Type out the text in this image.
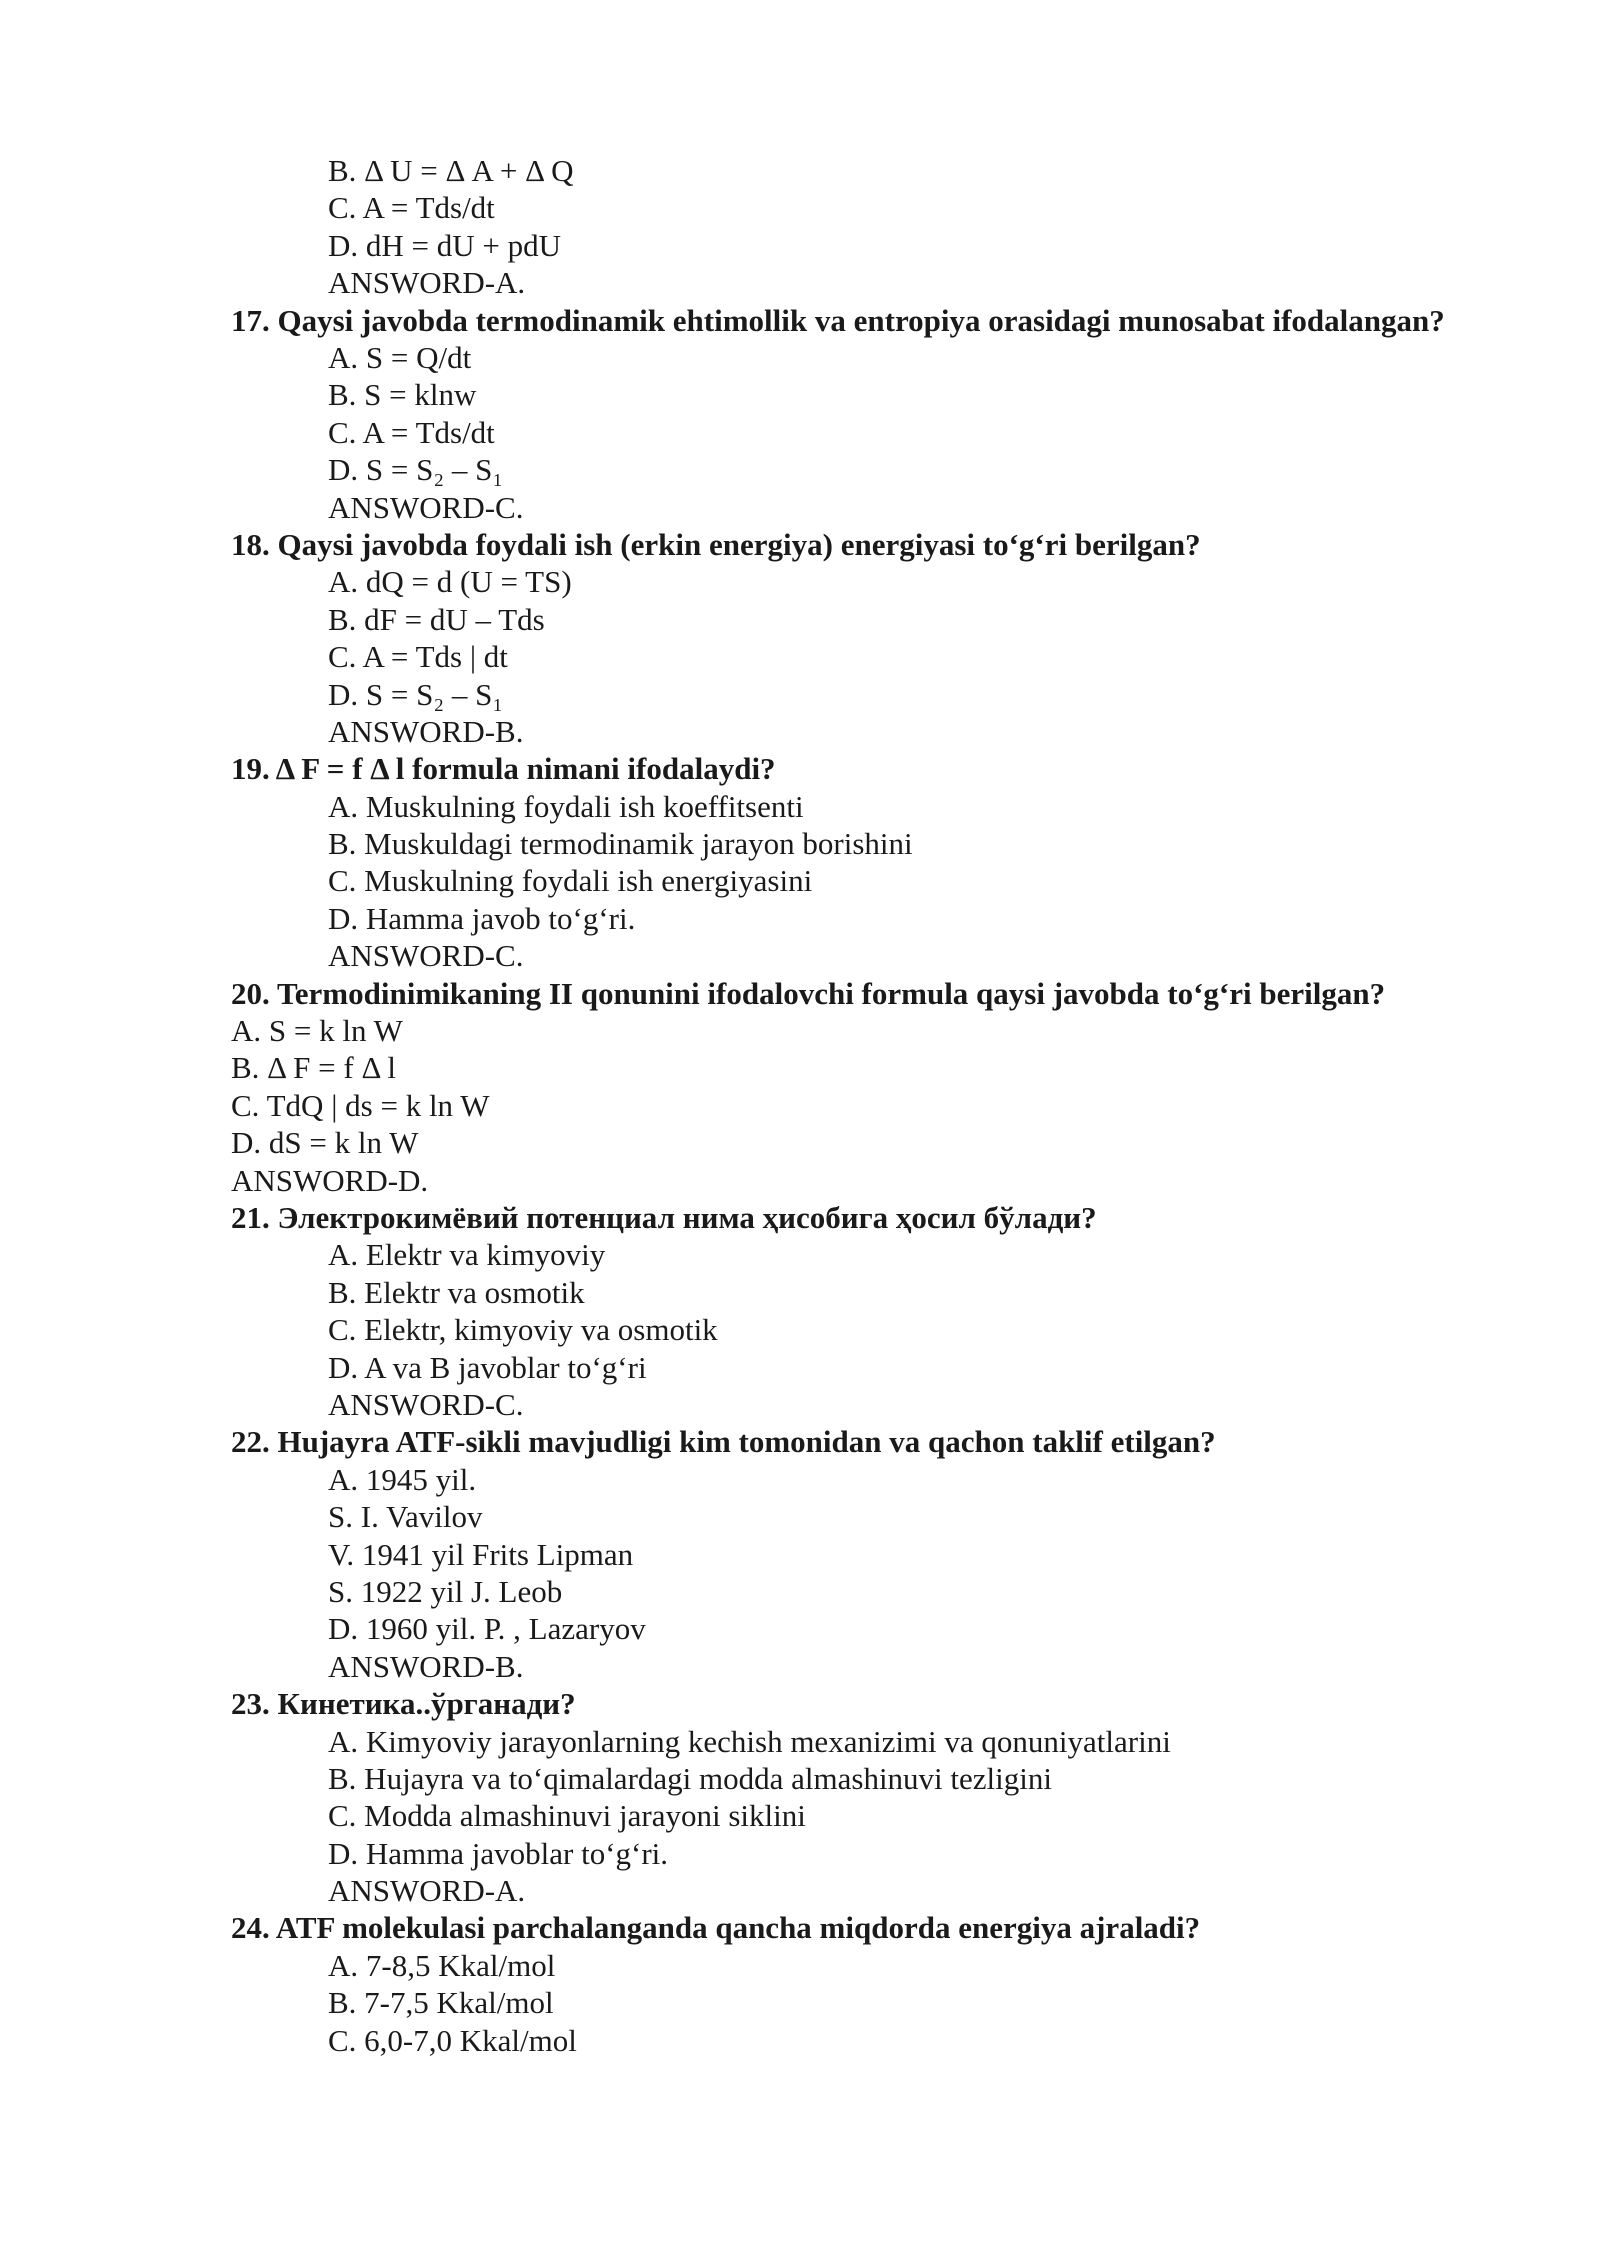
B. Δ U = Δ A + Δ Q
C. A = Tds/dt
D. dH = dU + pdU
ANSWORD-A.
17. Qaysi javobda termodinamik ehtimollik va entropiya orasidagi munosabat ifodalangan?
A. S = Q/dt
B. S = klnw
C. A = Tds/dt
D. S = S₂ – S₁
ANSWORD-C.
18. Qaysi javobda foydali ish (erkin energiya) energiyasi to‘g‘ri berilgan?
A. dQ = d (U = TS)
B. dF = dU – Tds
C. A = Tds | dt
D. S = S₂ – S₁
ANSWORD-B.
19. Δ F = f Δ l formula nimani ifodalaydi?
A. Muskulning foydali ish koeffitsenti
B. Muskuldagi termodinamik jarayon borishini
C. Muskulning foydali ish energiyasini
D. Hamma javob to‘g‘ri.
ANSWORD-C.
20. Termodinimikaning II qonunini ifodalovchi formula qaysi javobda to‘g‘ri berilgan?
A. S = k ln W
B. Δ F = f Δ l
C. TdQ | ds = k ln W
D. dS = k ln W
ANSWORD-D.
21. Электрокимёвий потенциал нима ҳисобига ҳосил бўлади?
A. Elektr va kimyoviy
B. Elektr va osmotik
C. Elektr, kimyoviy va osmotik
D. A va B javoblar to‘g‘ri
ANSWORD-C.
22. Hujayra ATF-sikli mavjudligi kim tomonidan va qachon taklif etilgan?
A. 1945 yil.
S. I. Vavilov
V. 1941 yil Frits Lipman
S. 1922 yil J. Leob
D. 1960 yil. P. , Lazaryov
ANSWORD-B.
23. Кинетика..ўрганади?
A. Kimyoviy jarayonlarning kechish mexanizimi va qonuniyatlarini
B. Hujayra va to‘qimalardagi modda almashinuvi tezligini
C. Modda almashinuvi jarayoni siklini
D. Hamma javoblar to‘g‘ri.
ANSWORD-A.
24. ATF molekulasi parchalanganda qancha miqdorda energiya ajraladi?
A. 7-8,5 Kkal/mol
B. 7-7,5 Kkal/mol
C. 6,0-7,0 Kkal/mol
